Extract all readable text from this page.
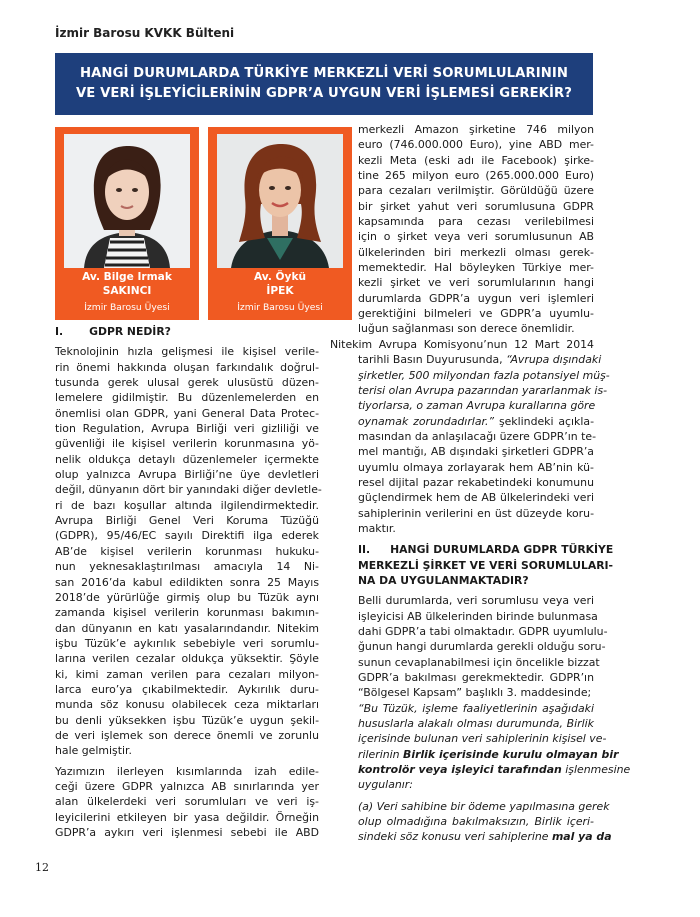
İzmir Barosu KVKK Bülteni
HANGİ DURUMLARDA TÜRKİYE MERKEZLİ VERİ SORUMLULARININ
VE VERİ İŞLEYİCİLERİNİN GDPR’A UYGUN VERİ İŞLEMESİ GEREKİR?
Av. Bilge Irmak
SAKINCI
İzmir Barosu Üyesi
Av. Öykü
İPEK
İzmir Barosu Üyesi
I. GDPR NEDİR?

Teknolojinin hızla gelişmesi ile kişisel verile-
rin önemi hakkında oluşan farkındalık doğrul-
tusunda gerek ulusal gerek ulusüstü düzen-
lemelere gidilmiştir. Bu düzenlemelerden en
önemlisi olan GDPR, yani General Data Protec-
tion Regulation, Avrupa Birliği veri gizliliği ve
güvenliği ile kişisel verilerin korunmasına yö-
nelik oldukça detaylı düzenlemeler içermekte
olup yalnızca Avrupa Birliği’ne üye devletleri
değil, dünyanın dört bir yanındaki diğer devletle-
ri de bazı koşullar altında ilgilendirmektedir.
Avrupa Birliği Genel Veri Koruma Tüzüğü
(GDPR), 95/46/EC sayılı Direktifi ilga ederek
AB’de kişisel verilerin korunması hukuku-
nun yeknesaklaştırılması amacıyla 14 Ni-
san 2016’da kabul edildikten sonra 25 Mayıs
2018’de yürürlüğe girmiş olup bu Tüzük aynı
zamanda kişisel verilerin korunması bakımın-
dan dünyanın en katı yasalarındandır. Nitekim
işbu Tüzük’e aykırılık sebebiyle veri sorumlu-
larına verilen cezalar oldukça yüksektir. Şöyle
ki, kimi zaman verilen para cezaları milyon-
larca euro’ya çıkabilmektedir. Aykırılık duru-
munda söz konusu olabilecek ceza miktarları
bu denli yüksekken işbu Tüzük’e uygun şekil-
de veri işlemek son derece önemli ve zorunlu
hale gelmiştir.

Yazımızın ilerleyen kısımlarında izah edile-
ceği üzere GDPR yalnızca AB sınırlarında yer
alan ülkelerdeki veri sorumluları ve veri iş-
leyicilerini etkileyen bir yasa değildir. Örneğin
GDPR’a aykırı veri işlenmesi sebebi ile ABD

merkezli Amazon şirketine 746 milyon
euro (746.000.000 Euro), yine ABD mer-
kezli Meta (eski adı ile Facebook) şirke-
tine 265 milyon euro (265.000.000 Euro)
para cezaları verilmiştir. Görüldüğü üzere
bir şirket yahut veri sorumlusuna GDPR
kapsamında para cezası verilebilmesi
için o şirket veya veri sorumlusunun AB
ülkelerinden biri merkezli olması gerek-
memektedir. Hal böyleyken Türkiye mer-
kezli şirket ve veri sorumlularının hangi
durumlarda GDPR’a uygun veri işlemleri
gerektiğini bilmeleri ve GDPR’a uyumlu-
luğun sağlanması son derece önemlidir.

Nitekim Avrupa Komisyonu’nun 12 Mart 2014
tarihli Basın Duyurusunda, “Avrupa dışındaki
şirketler, 500 milyondan fazla potansiyel müş-
terisi olan Avrupa pazarından yararlanmak is-
tiyorlarsa, o zaman Avrupa kurallarına göre
oynamak zorundadırlar.” şeklindeki açıkla-
masından da anlaşılacağı üzere GDPR’ın te-
mel mantığı, AB dışındaki şirketleri GDPR’a
uyumlu olmaya zorlayarak hem AB’nin kü-
resel dijital pazar rekabetindeki konumunu
güçlendirmek hem de AB ülkelerindeki veri
sahiplerinin verilerini en üst düzeyde koru-
maktır.

II. HANGİ DURUMLARDA GDPR TÜRKİYE
MERKEZLİ ŞİRKET VE VERİ SORUMLULARI-
NA DA UYGULANMAKTADIR?

Belli durumlarda, veri sorumlusu veya veri
işleyicisi AB ülkelerinden birinde bulunmasa
dahi GDPR’a tabi olmaktadır. GDPR uyumlulu-
ğunun hangi durumlarda gerekli olduğu soru-
sunun cevaplanabilmesi için öncelikle bizzat
GDPR’a bakılması gerekmektedir. GDPR’ın
“Bölgesel Kapsam” başlıklı 3. maddesinde;

“Bu Tüzük, işleme faaliyetlerinin aşağıdaki
hususlarla alakalı olması durumunda, Birlik
içerisinde bulunan veri sahiplerinin kişisel ve-
rilerinin Birlik içerisinde kurulu olmayan bir
kontrolör veya işleyici tarafından işlenmesine
uygulanır:

(a) Veri sahibine bir ödeme yapılmasına gerek
olup olmadığına bakılmaksızın, Birlik içeri-
sindeki söz konusu veri sahiplerine mal ya da

12
